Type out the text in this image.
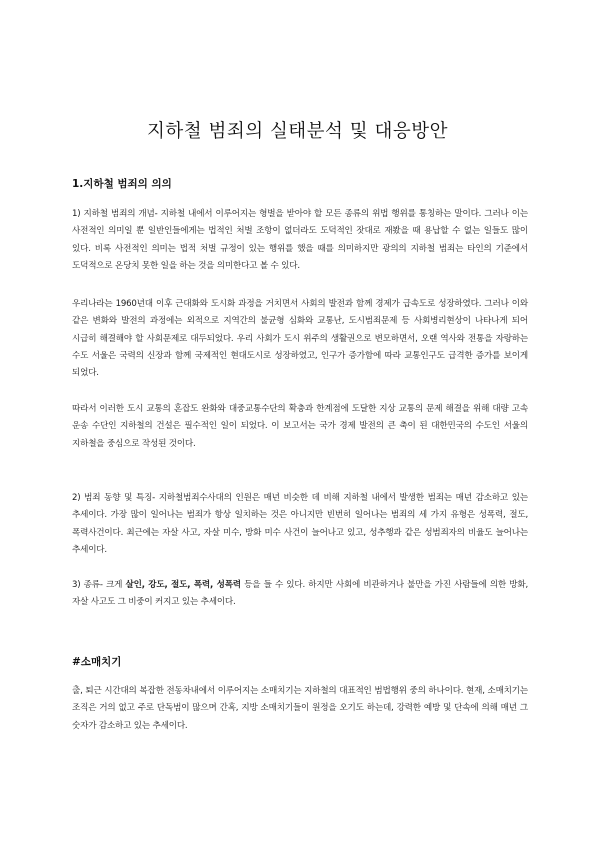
지하철 범죄의 실태분석 및 대응방안
1.지하철 범죄의 의의
1) 지하철 범죄의 개념- 지하철 내에서 이루어지는 형벌을 받아야 할 모든 종류의 위법 행위를 통칭하는 말이다. 그러나 이는 사전적인 의미일 뿐 일반인들에게는 법적인 처벌 조항이 없더라도 도덕적인 잣대로 재봤을 때 용납할 수 없는 일들도 많이 있다. 비록 사전적인 의미는 법적 처벌 규정이 있는 행위를 했을 때를 의미하지만 광의의 지하철 범죄는 타인의 기준에서 도덕적으로 온당치 못한 일을 하는 것을 의미한다고 볼 수 있다.
우리나라는 1960년대 이후 근대화와 도시화 과정을 거치면서 사회의 발전과 함께 경제가 급속도로 성장하였다. 그러나 이와 같은 변화와 발전의 과정에는 외적으로 지역간의 불균형 심화와 교통난, 도시범죄문제 등 사회병리현상이 나타나게 되어 시급히 해결해야 할 사회문제로 대두되었다. 우리 사회가 도시 위주의 생활권으로 변모하면서, 오랜 역사와 전통을 자랑하는 수도 서울은 국력의 신장과 함께 국제적인 현대도시로 성장하였고, 인구가 증가함에 따라 교통인구도 급격한 증가를 보이게 되었다.
따라서 이러한 도시 교통의 혼잡도 완화와 대중교통수단의 확충과 한계점에 도달한 지상 교통의 문제 해결을 위해 대량 고속 운송 수단인 지하철의 건설은 필수적인 일이 되었다. 이 보고서는 국가 경제 발전의 큰 축이 된 대한민국의 수도인 서울의 지하철을 중심으로 작성된 것이다.
2) 범죄 동향 및 특징- 지하철범죄수사대의 인원은 매년 비슷한 데 비해 지하철 내에서 발생한 범죄는 매년 감소하고 있는 추세이다. 가장 많이 일어나는 범죄가 항상 일치하는 것은 아니지만 빈번히 일어나는 범죄의 세 가지 유형은 성폭력, 절도, 폭력사건이다. 최근에는 자살 사고, 자살 미수, 방화 미수 사건이 늘어나고 있고, 성추행과 같은 성범죄자의 비율도 늘어나는 추세이다.
3) 종류- 크게 살인, 강도, 절도, 폭력, 성폭력 등을 들 수 있다. 하지만 사회에 비관하거나 불만을 가진 사람들에 의한 방화, 자살 사고도 그 비중이 커지고 있는 추세이다.
#소매치기
출, 퇴근 시간대의 복잡한 전동차내에서 이루어지는 소매치기는 지하철의 대표적인 범법행위 중의 하나이다. 현재, 소매치기는 조직은 거의 없고 주로 단독범이 많으며 간혹, 지방 소매치기들이 원정을 오기도 하는데, 강력한 예방 및 단속에 의해 매년 그 숫자가 감소하고 있는 추세이다.
